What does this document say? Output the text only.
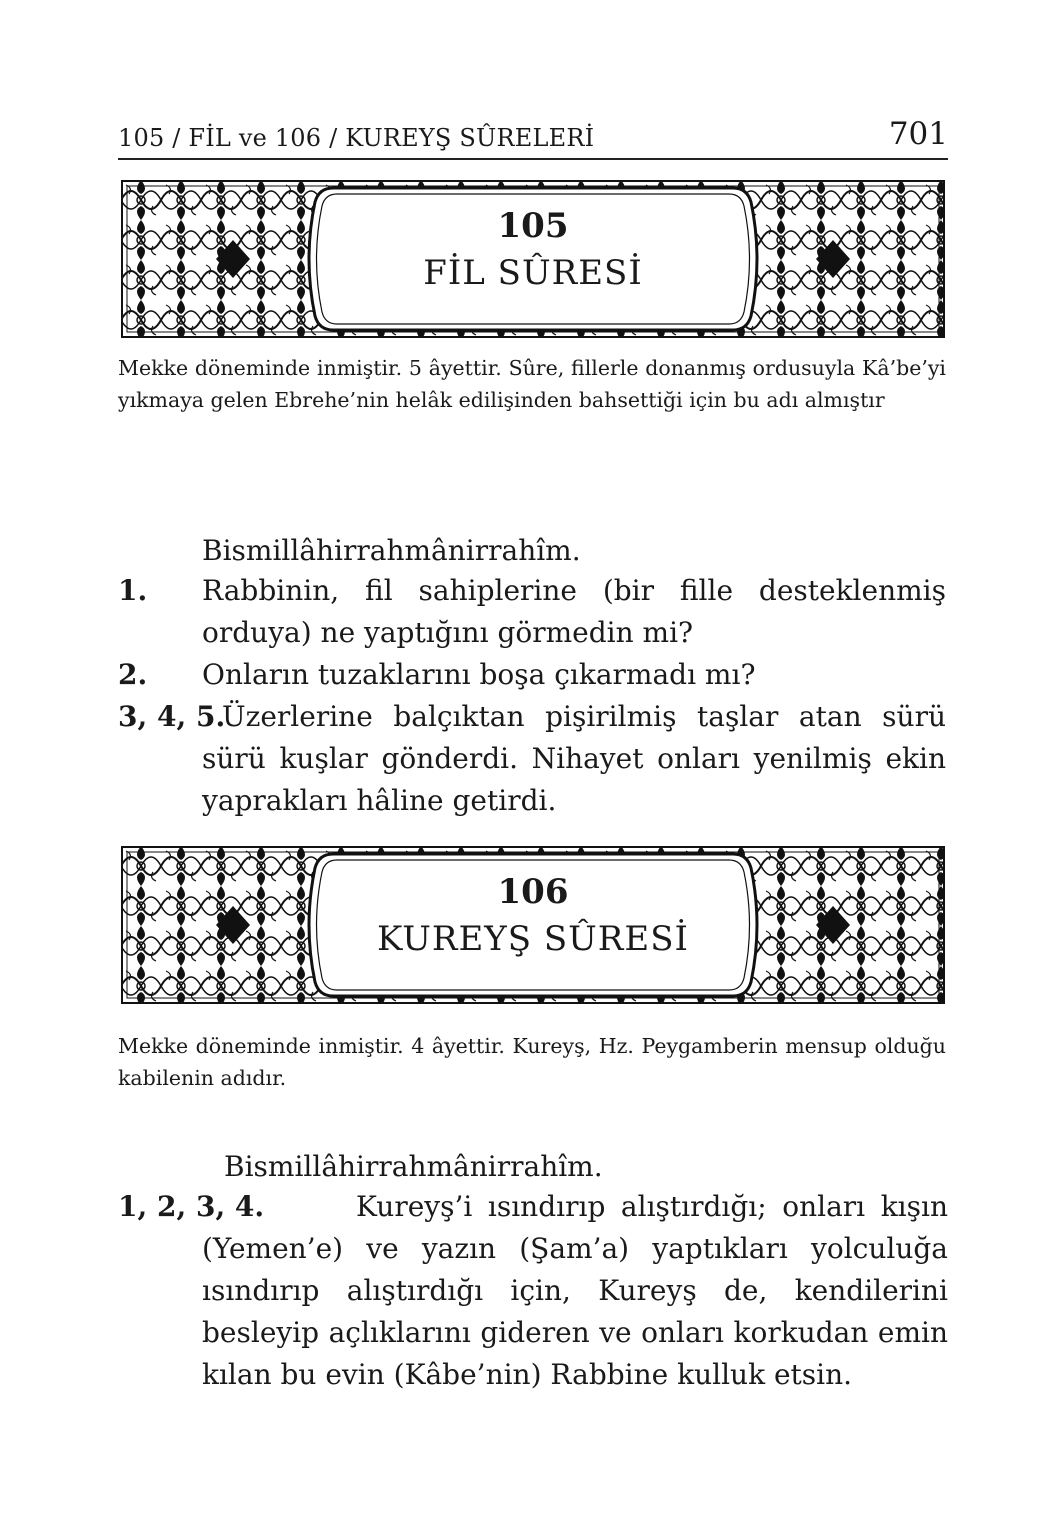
105 / FİL ve 106 / KUREYŞ SÛRELERİ	701
105
FİL SÛRESİ

Mekke döneminde inmiştir. 5 âyettir. Sûre, fillerle donanmış ordusuyla Kâ’be’yi yıkmaya gelen Ebrehe’nin helâk edilişinden bahsettiği için bu adı almıştır

Bismillâhirrahmânirrahîm.
1. Rabbinin, fil sahiplerine (bir fille desteklenmiş orduya) ne yaptığını görmedin mi?
2. Onların tuzaklarını boşa çıkarmadı mı?
3, 4, 5.
Üzerlerine balçıktan pişirilmiş taşlar atan sürü sürü kuşlar gönderdi. Nihayet onları yenilmiş ekin yaprakları hâline getirdi.
106
KUREYŞ SÛRESİ

Mekke döneminde inmiştir. 4 âyettir. Kureyş, Hz. Peygamberin mensup olduğu kabilenin adıdır.

Bismillâhirrahmânirrahîm.
1, 2, 3, 4.	Kureyş’i ısındırıp alıştırdığı; onları kışın (Yemen’e) ve yazın (Şam’a) yaptıkları yolculuğa ısındırıp alıştırdığı için, Kureyş de, kendilerini besleyip açlıklarını gideren ve onları korkudan emin kılan bu evin (Kâbe’nin) Rabbine kulluk etsin.
